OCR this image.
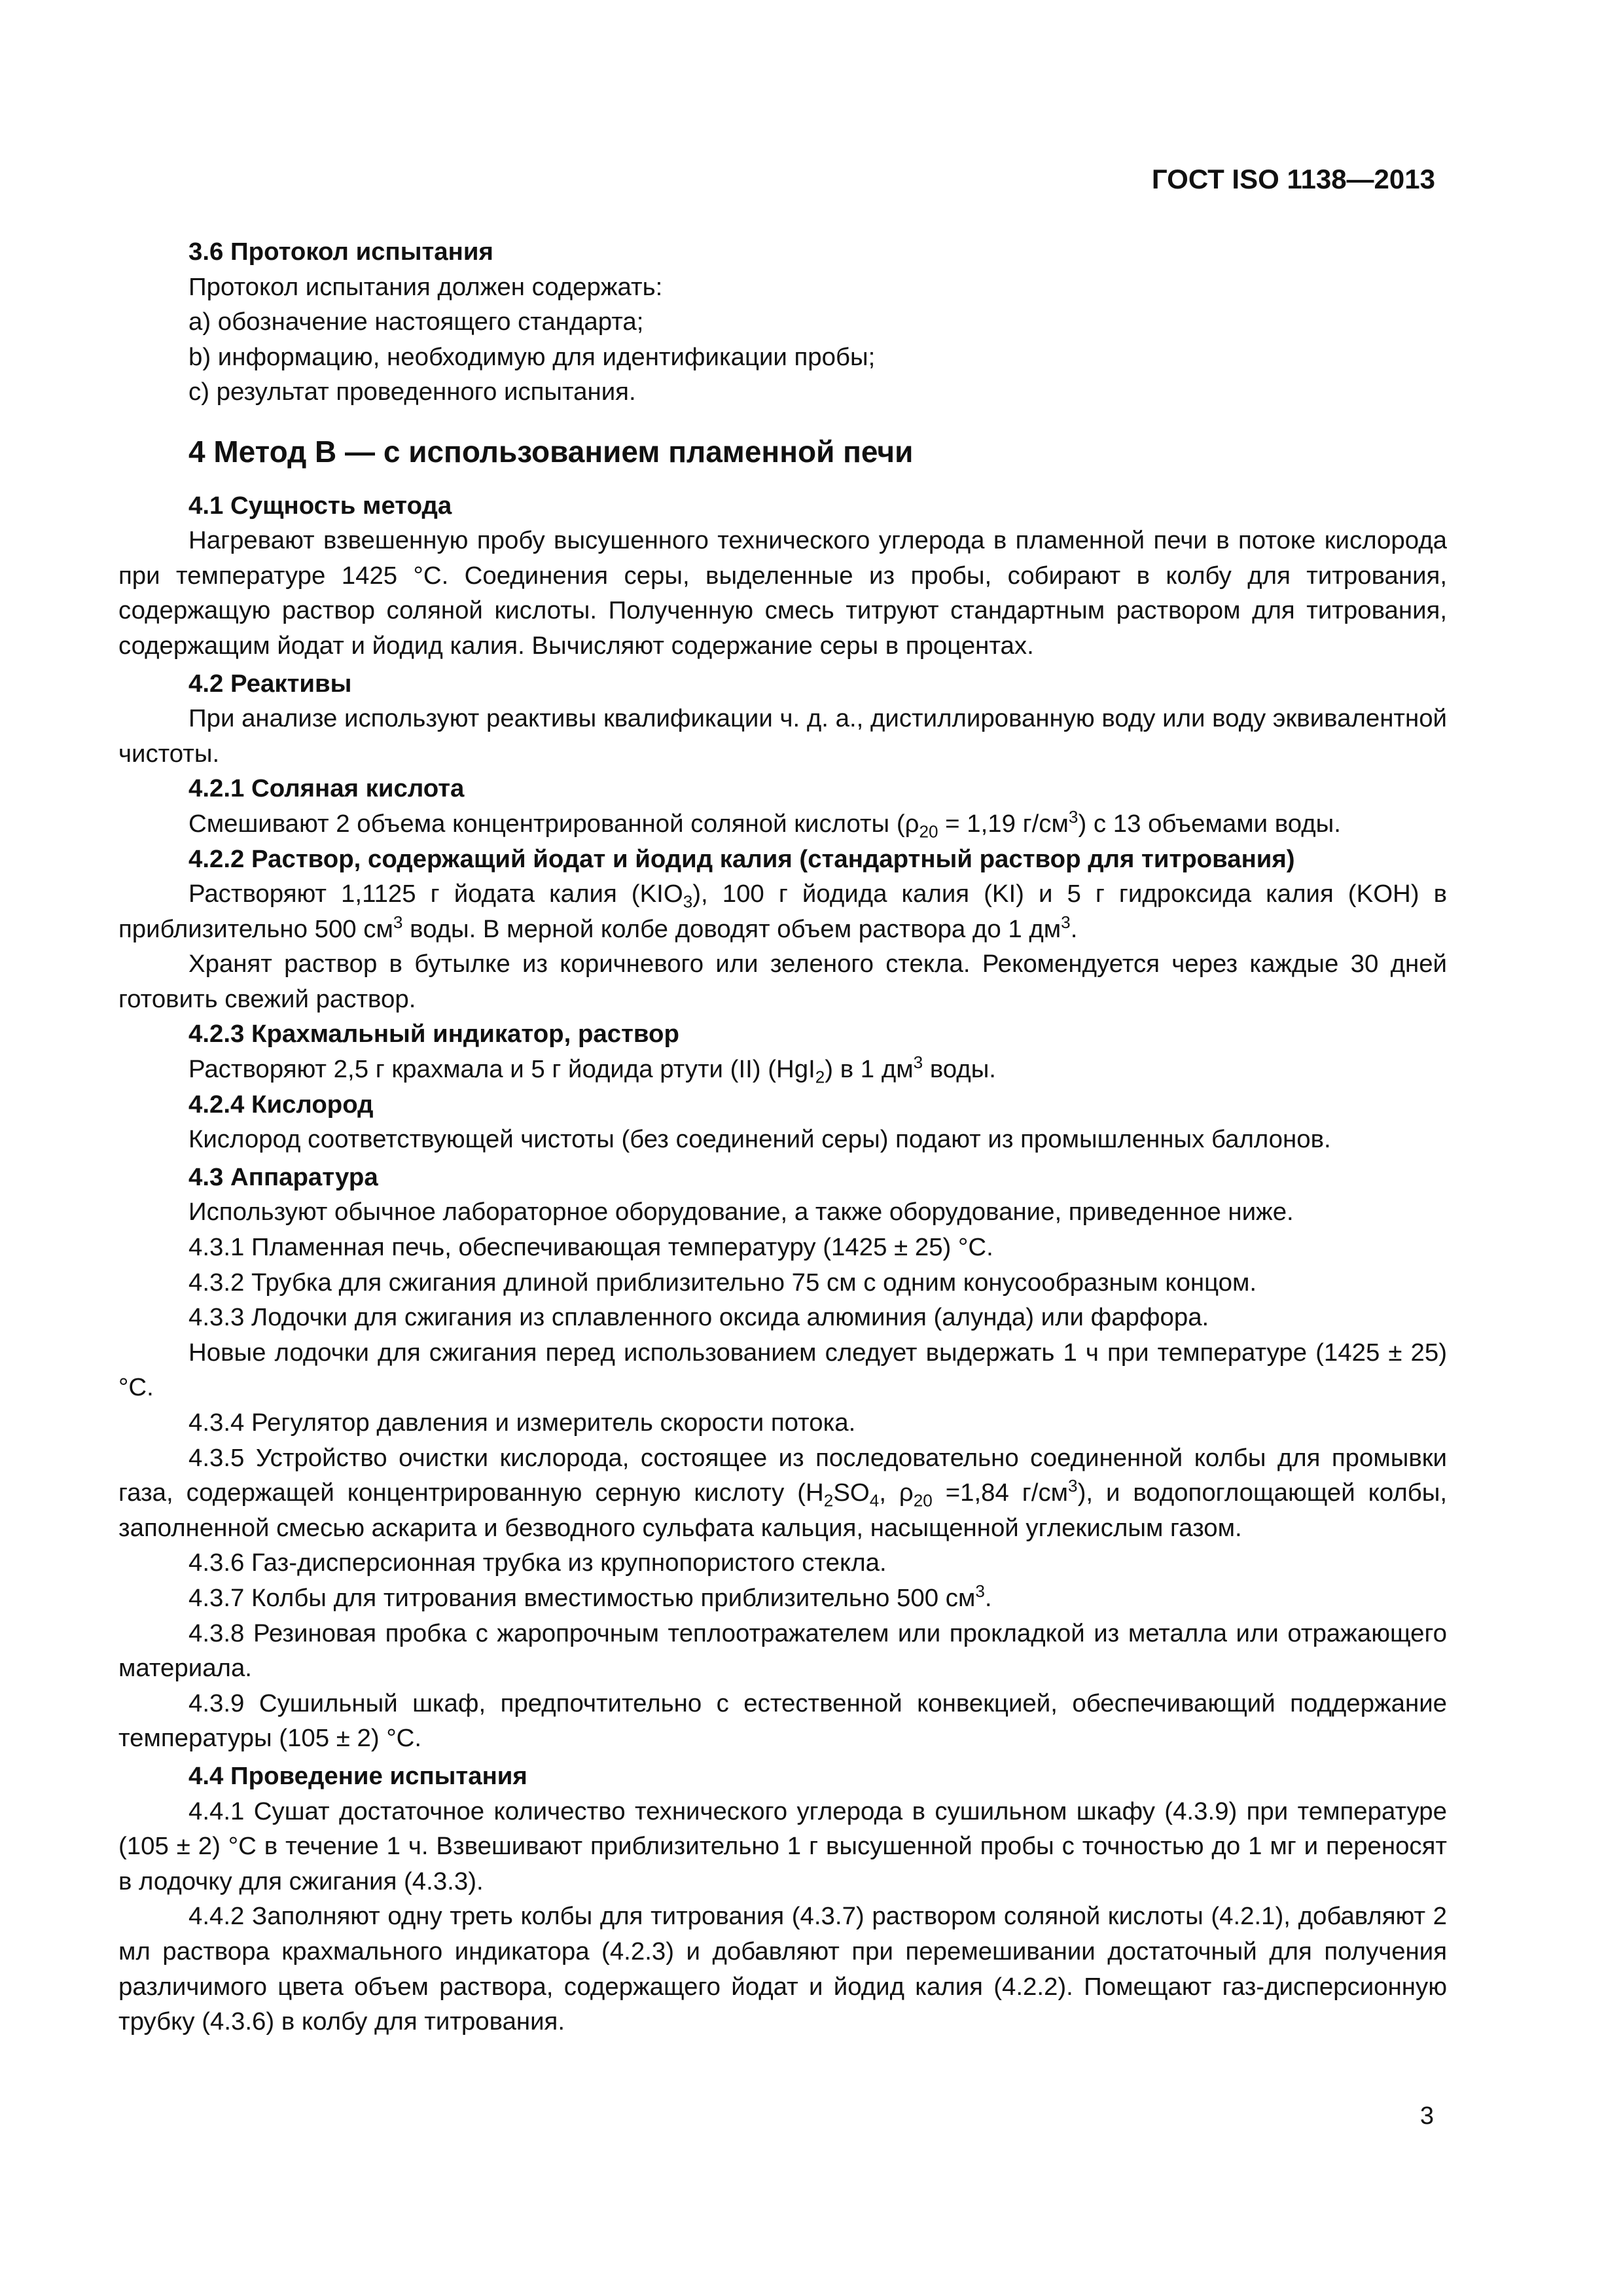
ГОСТ ISO 1138—2013

3.6 Протокол испытания

Протокол испытания должен содержать:

a) обозначение настоящего стандарта;

b) информацию, необходимую для идентификации пробы;

c) результат проведенного испытания.

4 Метод В — с использованием пламенной печи

4.1 Сущность метода

Нагревают взвешенную пробу высушенного технического углерода в пламенной печи в потоке кислорода при температуре 1425 °С. Соединения серы, выделенные из пробы, собирают в колбу для титрования, содержащую раствор соляной кислоты. Полученную смесь титруют стандартным раствором для титрования, содержащим йодат и йодид калия. Вычисляют содержание серы в процентах.

4.2 Реактивы

При анализе используют реактивы квалификации ч. д. а., дистиллированную воду или воду эквивалентной чистоты.

4.2.1 Соляная кислота

Смешивают 2 объема концентрированной соляной кислоты ($\rho_{20} = 1,19$ $г/см^3$) с 13 объемами воды.

4.2.2 Раствор, содержащий йодат и йодид калия (стандартный раствор для титрования)

Растворяют 1,1125 г йодата калия $(KIO_3)$, 100 г йодида калия (KI) и 5 г гидроксида калия (KOH) в приблизительно 500 $см^3$ воды. В мерной колбе доводят объем раствора до 1 $дм^3$.

Хранят раствор в бутылке из коричневого или зеленого стекла. Рекомендуется через каждые 30 дней готовить свежий раствор.

4.2.3 Крахмальный индикатор, раствор

Растворяют 2,5 г крахмала и 5 г йодида ртути (II) (HgI$_2$) в 1 $дм^3$ воды.

4.2.4 Кислород

Кислород соответствующей чистоты (без соединений серы) подают из промышленных баллонов.

4.3 Аппаратура

Используют обычное лабораторное оборудование, а также оборудование, приведенное ниже.

4.3.1 Пламенная печь, обеспечивающая температуру (1425 ± 25) °С.

4.3.2 Трубка для сжигания длиной приблизительно 75 см с одним конусообразным концом.

4.3.3 Лодочки для сжигания из сплавленного оксида алюминия (алунда) или фарфора.

Новые лодочки для сжигания перед использованием следует выдержать 1 ч при температуре (1425 ± 25) °С.

4.3.4 Регулятор давления и измеритель скорости потока.

4.3.5 Устройство очистки кислорода, состоящее из последовательно соединенной колбы для промывки газа, содержащей концентрированную серную кислоту ($H_2SO_4$, $\rho_{20} =1,84$ $г/см^3$), и водопоглощающей колбы, заполненной смесью аскарита и безводного сульфата кальция, насыщенной углекислым газом.

4.3.6 Газ-дисперсионная трубка из крупнопористого стекла.

4.3.7 Колбы для титрования вместимостью приблизительно 500 $см^3$.

4.3.8 Резиновая пробка с жаропрочным теплоотражателем или прокладкой из металла или отражающего материала.

4.3.9 Сушильный шкаф, предпочтительно с естественной конвекцией, обеспечивающий поддержание температуры (105 ± 2) °С.

4.4 Проведение испытания

4.4.1 Сушат достаточное количество технического углерода в сушильном шкафу (4.3.9) при температуре (105 ± 2) °С в течение 1 ч. Взвешивают приблизительно 1 г высушенной пробы с точностью до 1 мг и переносят в лодочку для сжигания (4.3.3).

4.4.2 Заполняют одну треть колбы для титрования (4.3.7) раствором соляной кислоты (4.2.1), добавляют 2 мл раствора крахмального индикатора (4.2.3) и добавляют при перемешивании достаточный для получения различимого цвета объем раствора, содержащего йодат и йодид калия (4.2.2). Помещают газ-дисперсионную трубку (4.3.6) в колбу для титрования.

3
